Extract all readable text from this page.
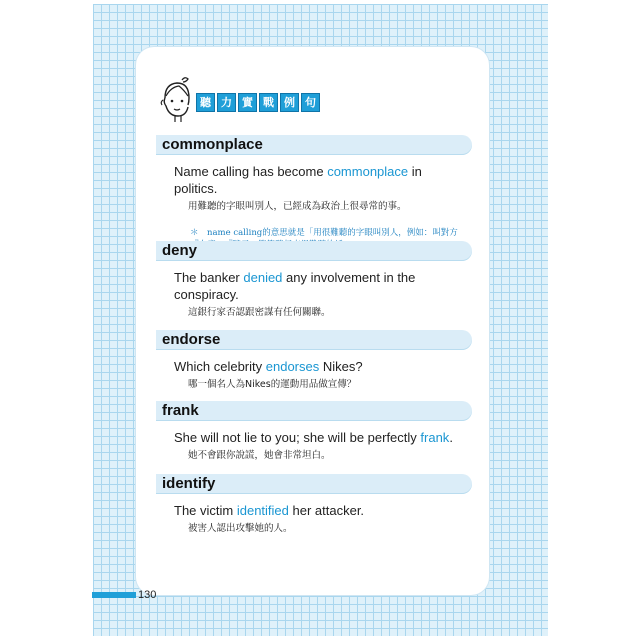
聽 力 實 戰 例 句
commonplace
Name calling has become commonplace in politics.
用難聽的字眼叫別人，已經成為政治上很尋常的事。
＊　name calling的意思就是「用很難聽的字眼叫別人，例如：叫對方
deny
The banker denied any involvement in the conspiracy.
這銀行家否認跟密謀有任何關聯。
endorse
Which celebrity endorses Nikes?
哪一個名人為Nikes的運動用品做宣傳？
frank
She will not lie to you; she will be perfectly frank.
她不會跟你說謊，她會非常坦白。
identify
The victim identified her attacker.
被害人認出攻擊她的人。
130
